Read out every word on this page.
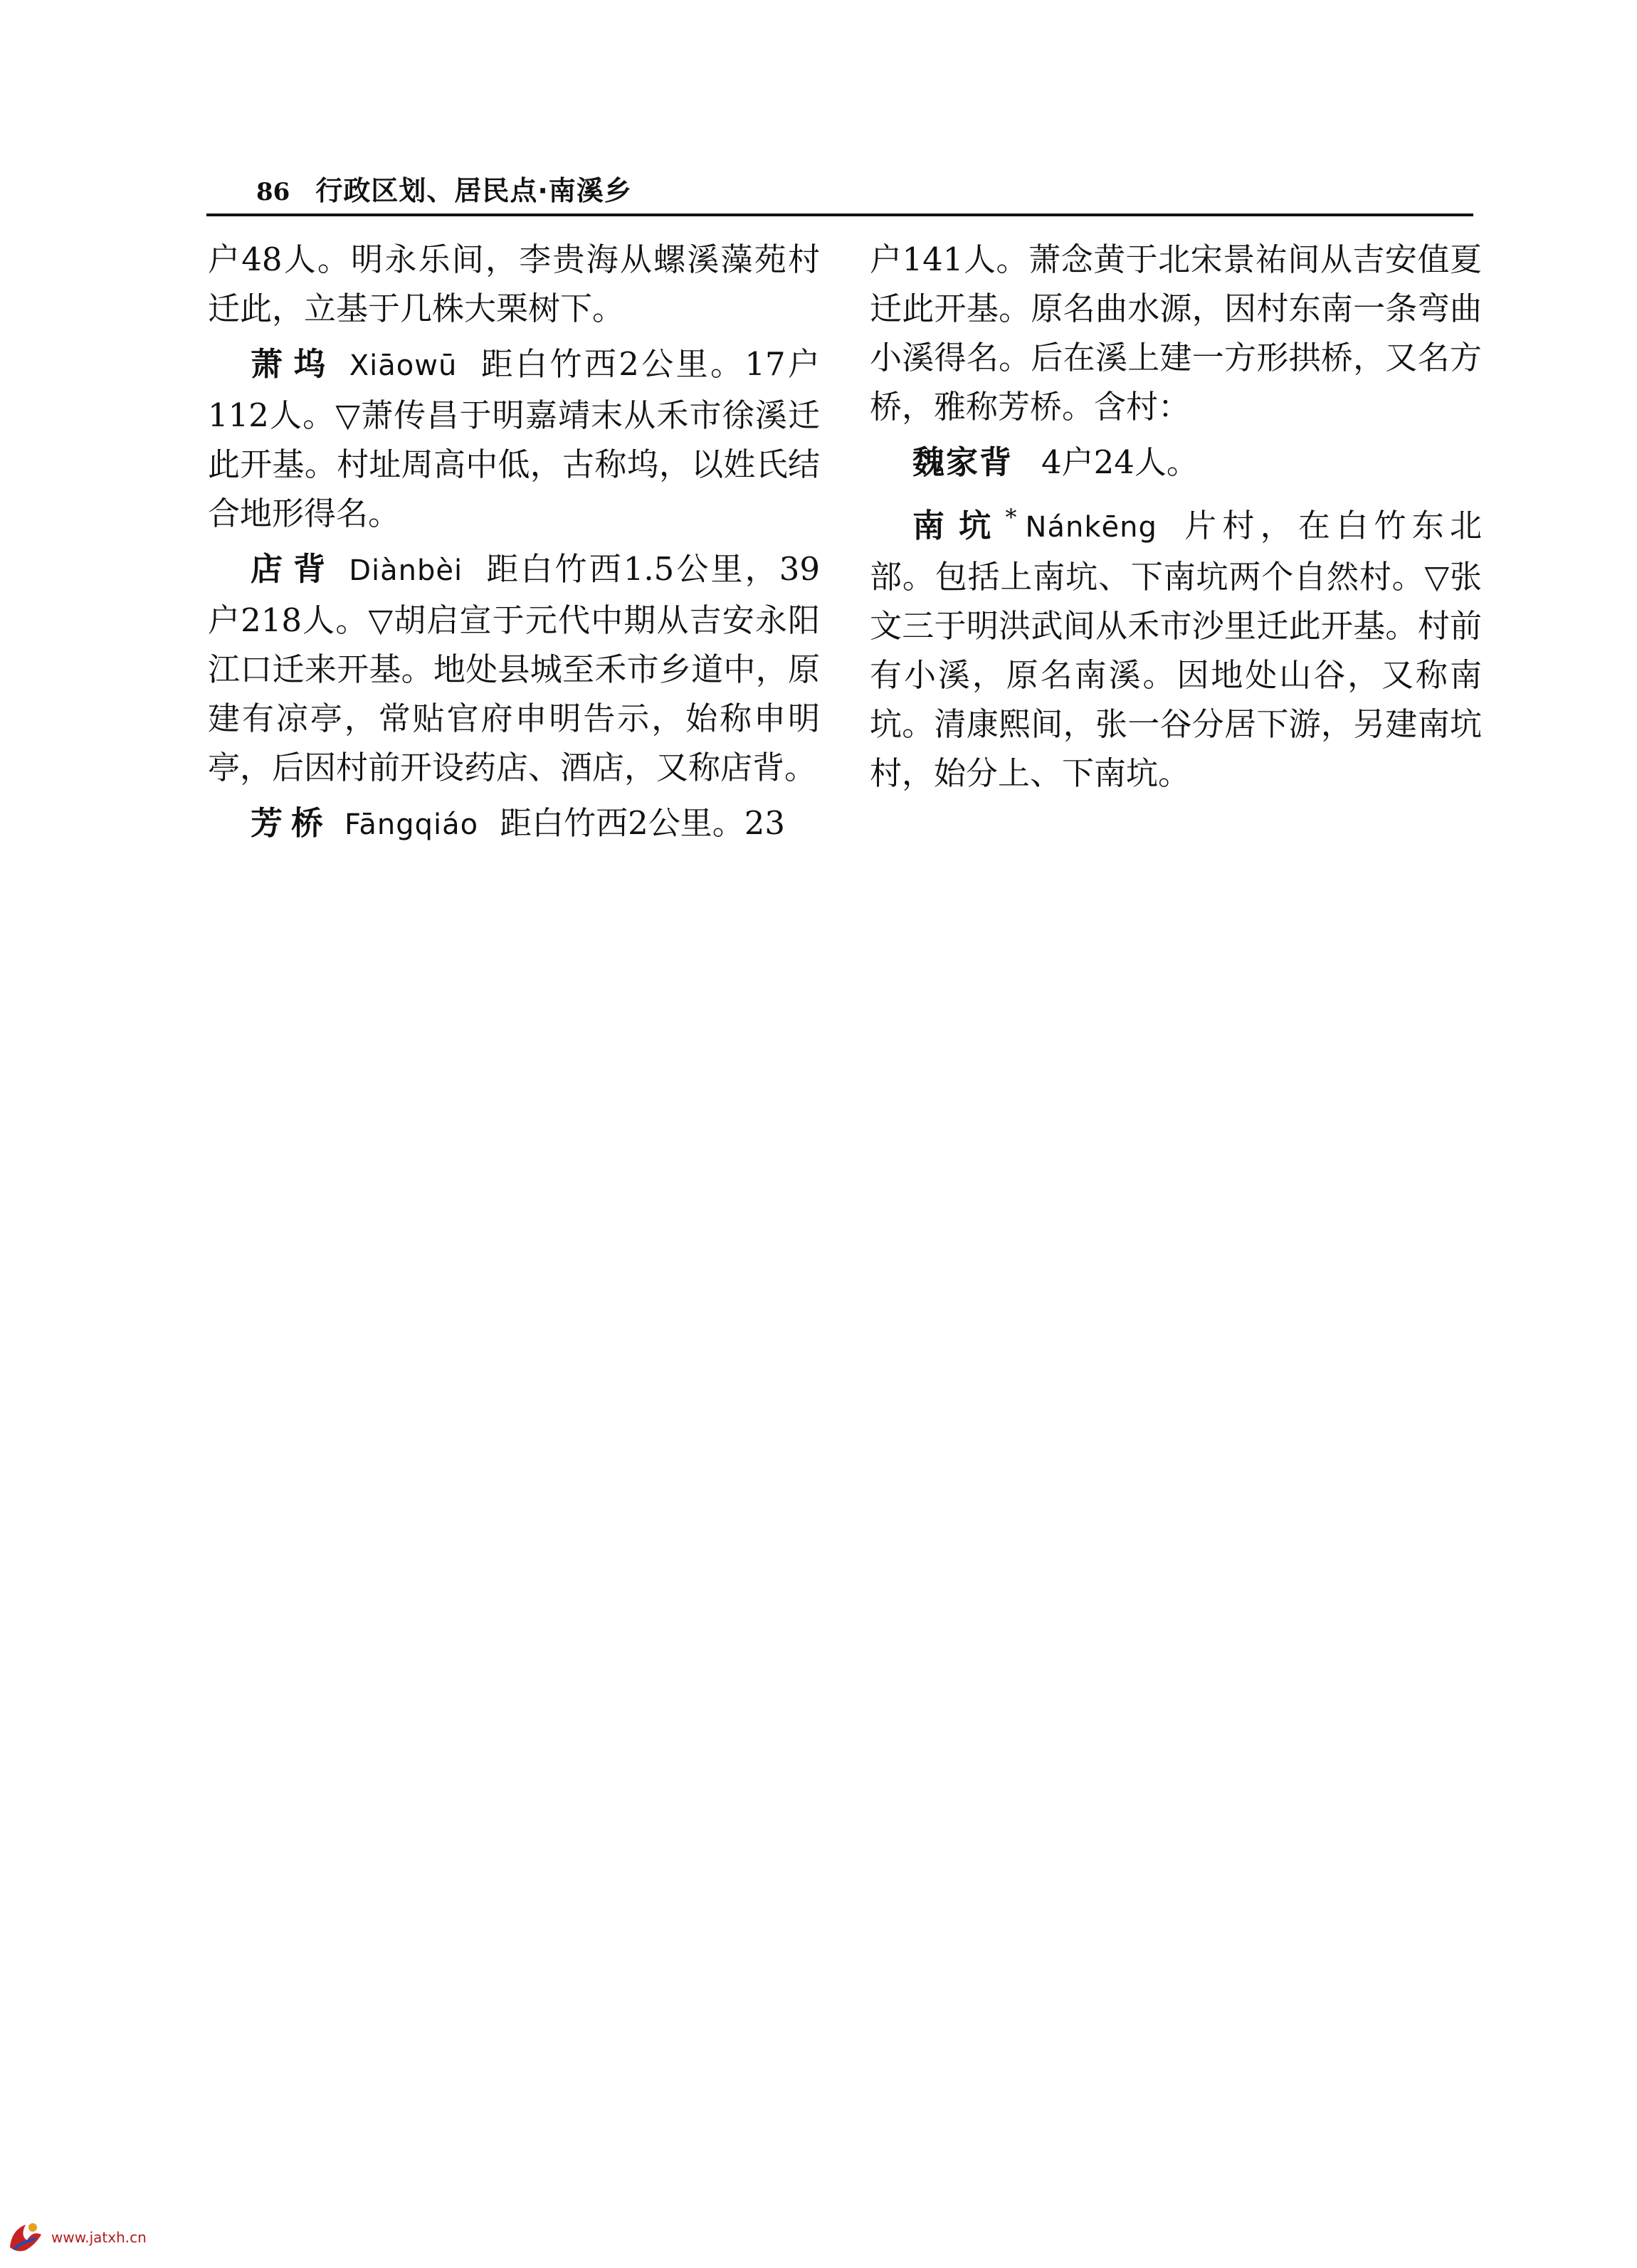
86 行政区划、居民点·南溪乡

户48人。明永乐间，李贵海从螺溪藻苑村迁此，立基于几株大栗树下。

萧坞 Xiāowū 距白竹西2公里。17户112人。▽萧传昌于明嘉靖末从禾市徐溪迁此开基。村址周高中低，古称坞，以姓氏结合地形得名。

店背 Diànbèi 距白竹西1.5公里，39户218人。▽胡启宣于元代中期从吉安永阳江口迁来开基。地处县城至禾市乡道中，原建有凉亭，常贴官府申明告示，始称申明亭，后因村前开设药店、酒店，又称店背。

芳桥 Fāngqiáo 距白竹西2公里。23

户141人。萧念黄于北宋景祐间从吉安值夏迁此开基。原名曲水源，因村东南一条弯曲小溪得名。后在溪上建一方形拱桥，又名方桥，雅称芳桥。含村：

魏家背 4户24人。

南坑* Nánkēng 片村，在白竹东北部。包括上南坑、下南坑两个自然村。▽张文三于明洪武间从禾市沙里迁此开基。村前有小溪，原名南溪。因地处山谷，又称南坑。清康熙间，张一谷分居下游，另建南坑村，始分上、下南坑。

www.jatxh.cn
